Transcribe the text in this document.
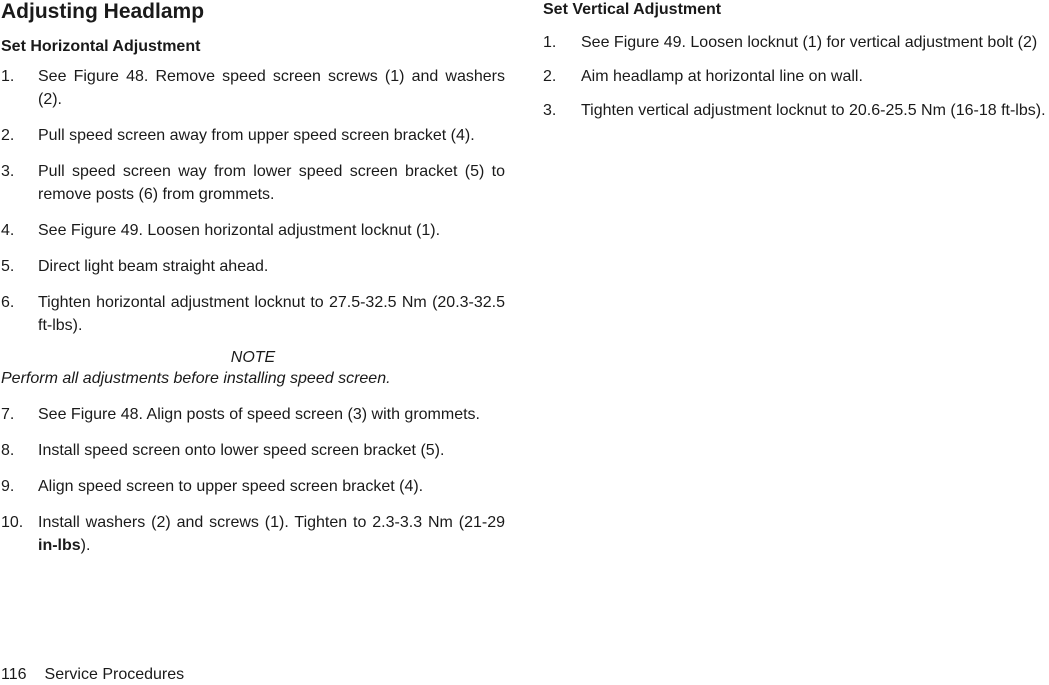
Adjusting Headlamp
Set Horizontal Adjustment
1. See Figure 48. Remove speed screen screws (1) and washers (2).
2. Pull speed screen away from upper speed screen bracket (4).
3. Pull speed screen way from lower speed screen bracket (5) to remove posts (6) from grommets.
4. See Figure 49. Loosen horizontal adjustment locknut (1).
5. Direct light beam straight ahead.
6. Tighten horizontal adjustment locknut to 27.5-32.5 Nm (20.3-32.5 ft-lbs).
NOTE
Perform all adjustments before installing speed screen.
7. See Figure 48. Align posts of speed screen (3) with grommets.
8. Install speed screen onto lower speed screen bracket (5).
9. Align speed screen to upper speed screen bracket (4).
10. Install washers (2) and screws (1). Tighten to 2.3-3.3 Nm (21-29 in-lbs).
Set Vertical Adjustment
1. See Figure 49. Loosen locknut (1) for vertical adjustment bolt (2)
2. Aim headlamp at horizontal line on wall.
3. Tighten vertical adjustment locknut to 20.6-25.5 Nm (16-18 ft-lbs).
116 Service Procedures
